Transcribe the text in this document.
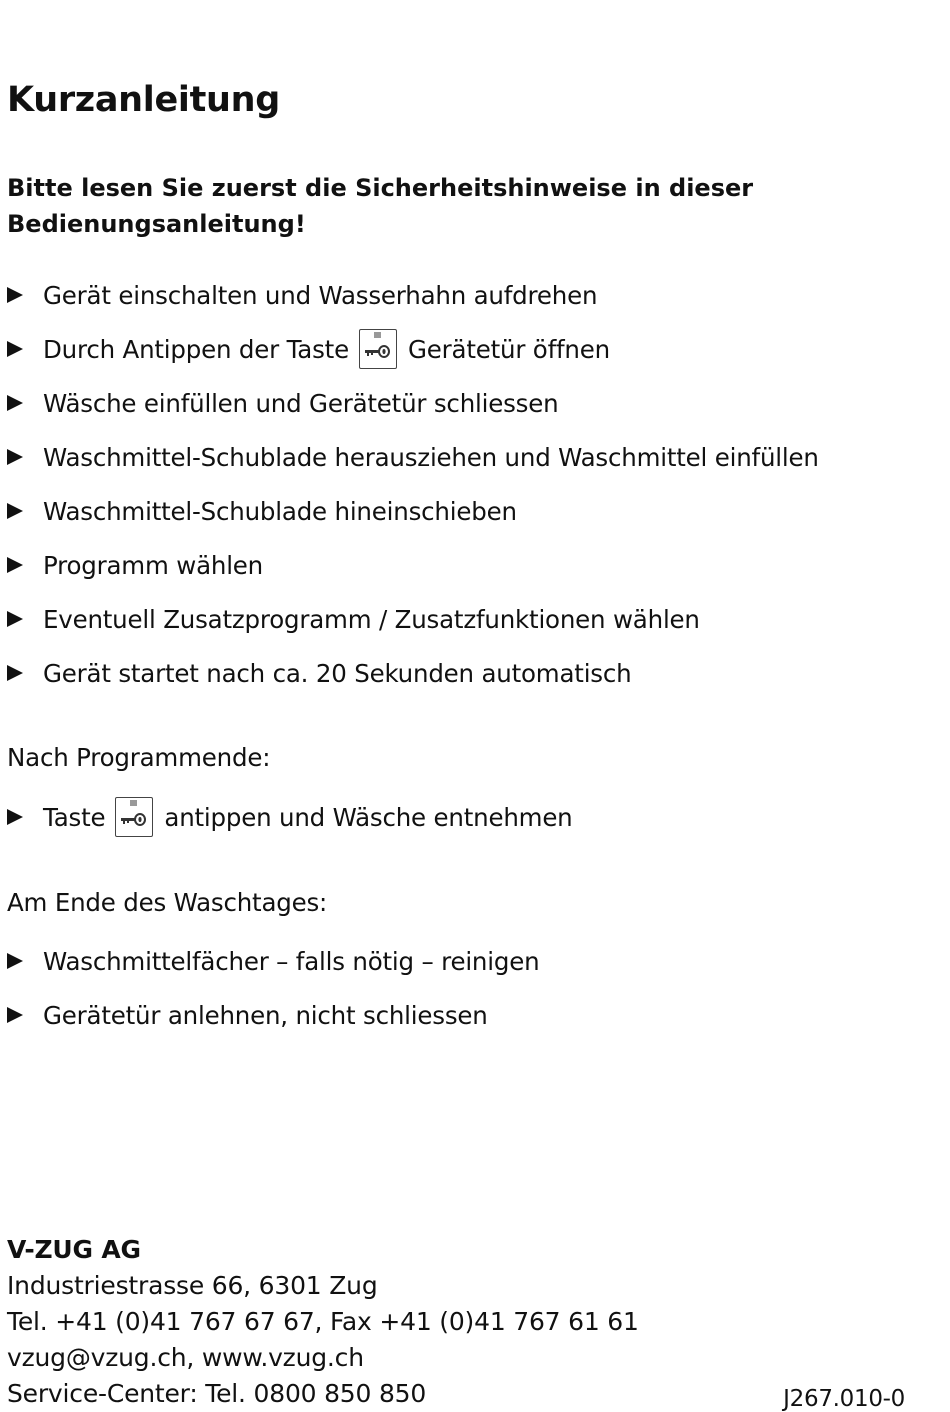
Kurzanleitung

Bitte lesen Sie zuerst die Sicherheitshinweise in dieser Bedienungsanleitung!

Gerät einschalten und Wasserhahn aufdrehen
Durch Antippen der Taste Gerätetür öffnen
Wäsche einfüllen und Gerätetür schliessen
Waschmittel-Schublade herausziehen und Waschmittel einfüllen
Waschmittel-Schublade hineinschieben
Programm wählen
Eventuell Zusatzprogramm / Zusatzfunktionen wählen
Gerät startet nach ca. 20 Sekunden automatisch

Nach Programmende:

Taste antippen und Wäsche entnehmen

Am Ende des Waschtages:

Waschmittelfächer – falls nötig – reinigen
Gerätetür anlehnen, nicht schliessen
V-ZUG AG
Industriestrasse 66, 6301 Zug
Tel. +41 (0)41 767 67 67, Fax +41 (0)41 767 61 61
vzug@vzug.ch, www.vzug.ch
Service-Center: Tel. 0800 850 850	J267.010-0
